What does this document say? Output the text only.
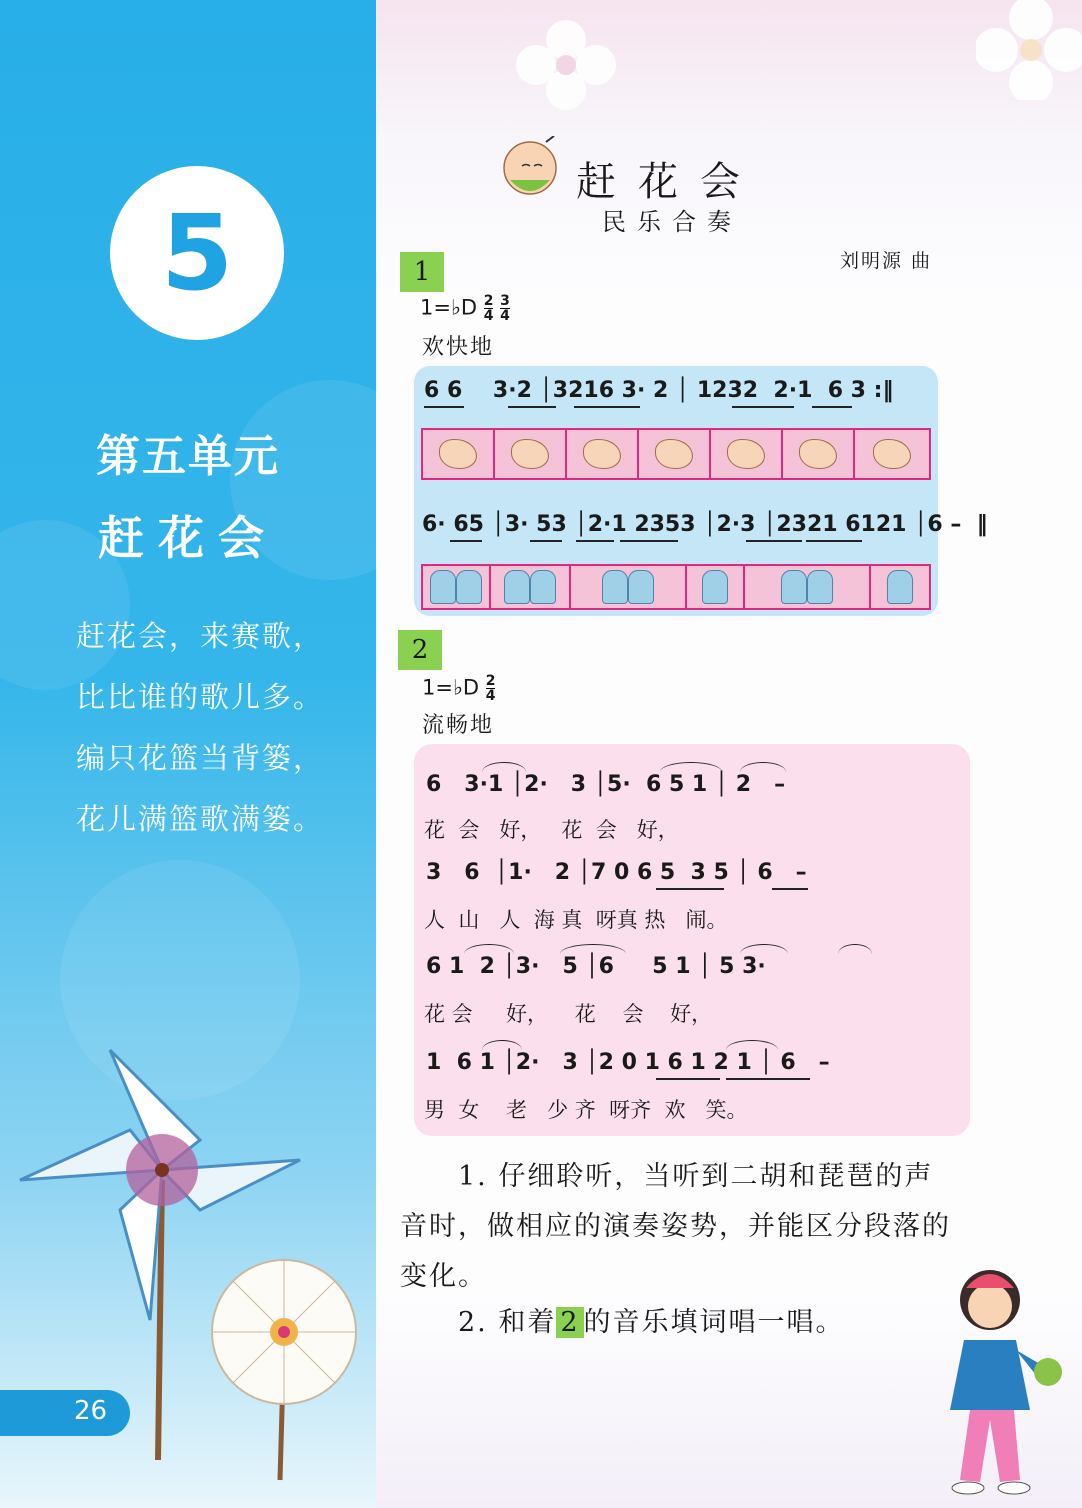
5
第五单元
赶花会
赶花会，来赛歌，
比比谁的歌儿多。
编只花篮当背篓，
花儿满篮歌满篓。
26
赶花会
民乐合奏
刘明源 曲
1
1=♭D $\frac{2}{4}$
$\frac{3}{4}$
欢快地
6 6    3·2 │3216 3· 2 │ 1232  2·1  6 3 :‖
6· 65 │3· 53 │2·1 2353 │2·3 │2321 6121 │6 –  ‖
2
1=♭D $\frac{2}{4}$
流畅地
6   3·1 │2·   3 │5·  6 5 1 │ 2   –
花  会   好，   花  会   好，
3   6  │1·   2 │7 0 6 5  3 5 │ 6   –
人  山   人  海 真  呀真 热   闹。
6 1  2 │3·   5 │6     5 1 │ 5 3·
花 会     好，    花    会    好，
1  6 1 │2·   3 │2 0 1 6 1 2 1 │ 6   –
男  女    老   少 齐  呀齐  欢   笑。
1. 仔细聆听，当听到二胡和琵琶的声音时，做相应的演奏姿势，并能区分段落的变化。
2. 和着 2 的音乐填词唱一唱。
